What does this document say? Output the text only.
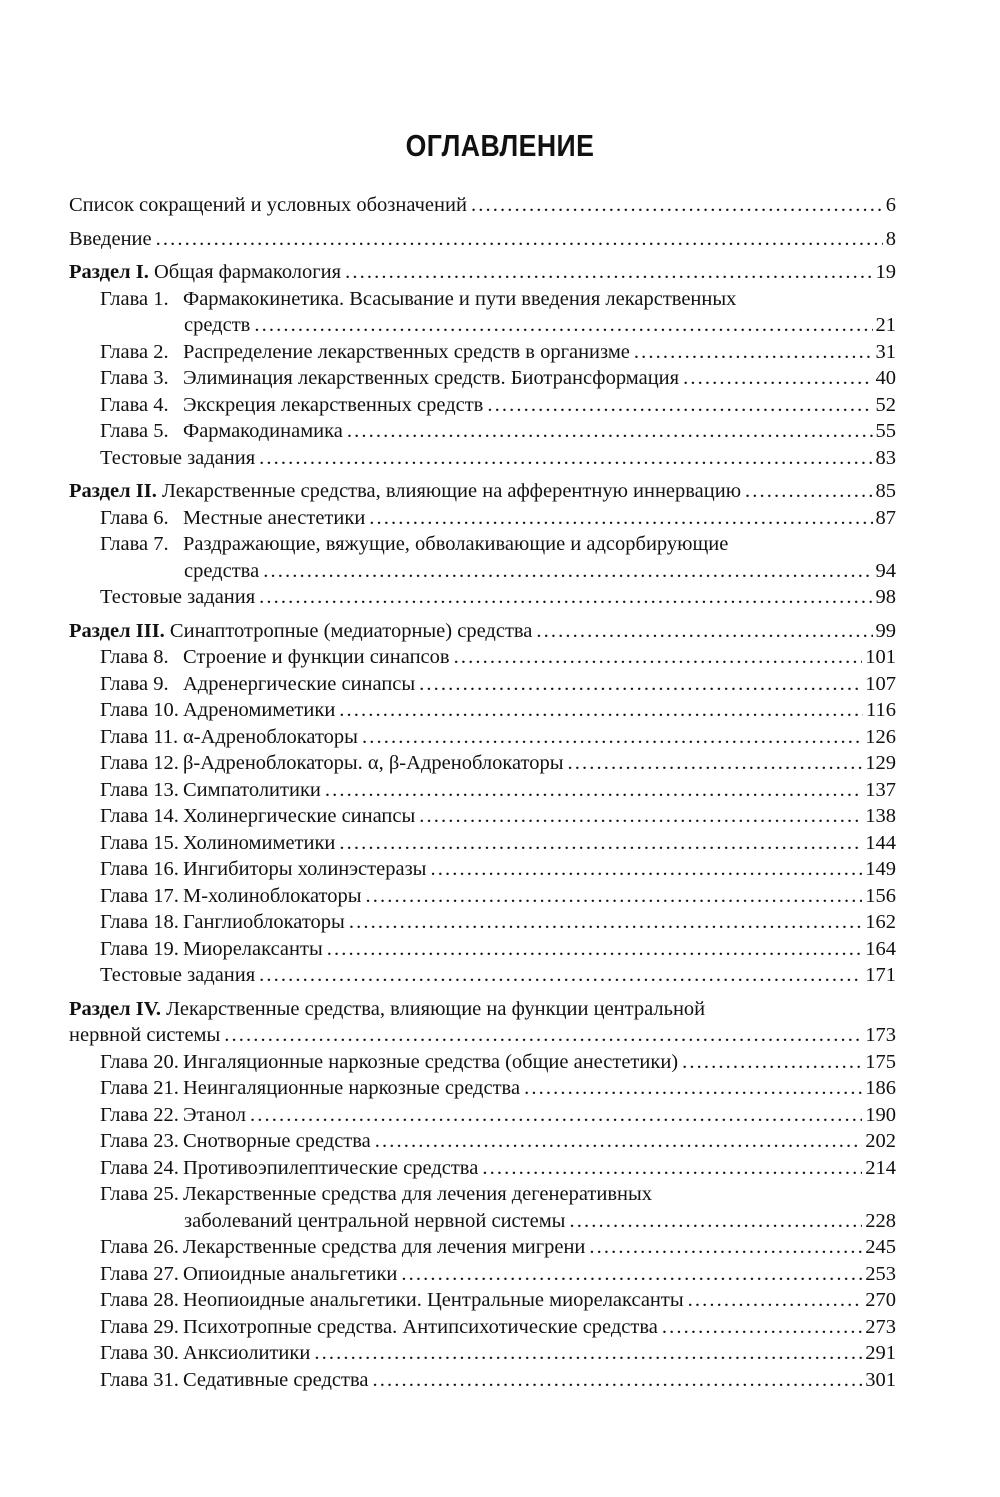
ОГЛАВЛЕНИЕ
Список сокращений и условных обозначений . . .	6
Введение . . .	8
Раздел I. Общая фармакология . . .	19
Глава 1. Фармакокинетика. Всасывание и пути введения лекарственных
средств . . .	21
Глава 2. Распределение лекарственных средств в организме . . .	31
Глава 3. Элиминация лекарственных средств. Биотрансформация . . .	40
Глава 4. Экскреция лекарственных средств . . .	52
Глава 5. Фармакодинамика . . .	55
Тестовые задания . . .	83
Раздел II. Лекарственные средства, влияющие на афферентную иннервацию . . .	85
Глава 6. Местные анестетики . . .	87
Глава 7. Раздражающие, вяжущие, обволакивающие и адсорбирующие
средства . . .	94
Тестовые задания . . .	98
Раздел III. Синаптотропные (медиаторные) средства . . .	99
Глава 8. Строение и функции синапсов . . .	101
Глава 9. Адренергические синапсы . . .	107
Глава 10. Адреномиметики . . .	116
Глава 11. α-Адреноблокаторы . . .	126
Глава 12. β-Адреноблокаторы. α, β-Адреноблокаторы . . .	129
Глава 13. Симпатолитики . . .	137
Глава 14. Холинергические синапсы . . .	138
Глава 15. Холиномиметики . . .	144
Глава 16. Ингибиторы холинэстеразы . . .	149
Глава 17. М-холиноблокаторы . . .	156
Глава 18. Ганглиоблокаторы . . .	162
Глава 19. Миорелаксанты . . .	164
Тестовые задания . . .	171
Раздел IV. Лекарственные средства, влияющие на функции центральной
нервной системы . . .	173
Глава 20. Ингаляционные наркозные средства (общие анестетики) . . .	175
Глава 21. Неингаляционные наркозные средства . . .	186
Глава 22. Этанол . . .	190
Глава 23. Снотворные средства . . .	202
Глава 24. Противоэпилептические средства . . .	214
Глава 25. Лекарственные средства для лечения дегенеративных
заболеваний центральной нервной системы . . .	228
Глава 26. Лекарственные средства для лечения мигрени . . .	245
Глава 27. Опиоидные анальгетики . . .	253
Глава 28. Неопиоидные анальгетики. Центральные миорелаксанты . . .	270
Глава 29. Психотропные средства. Антипсихотические средства . . .	273
Глава 30. Анксиолитики . . .	291
Глава 31. Седативные средства . . .	301
